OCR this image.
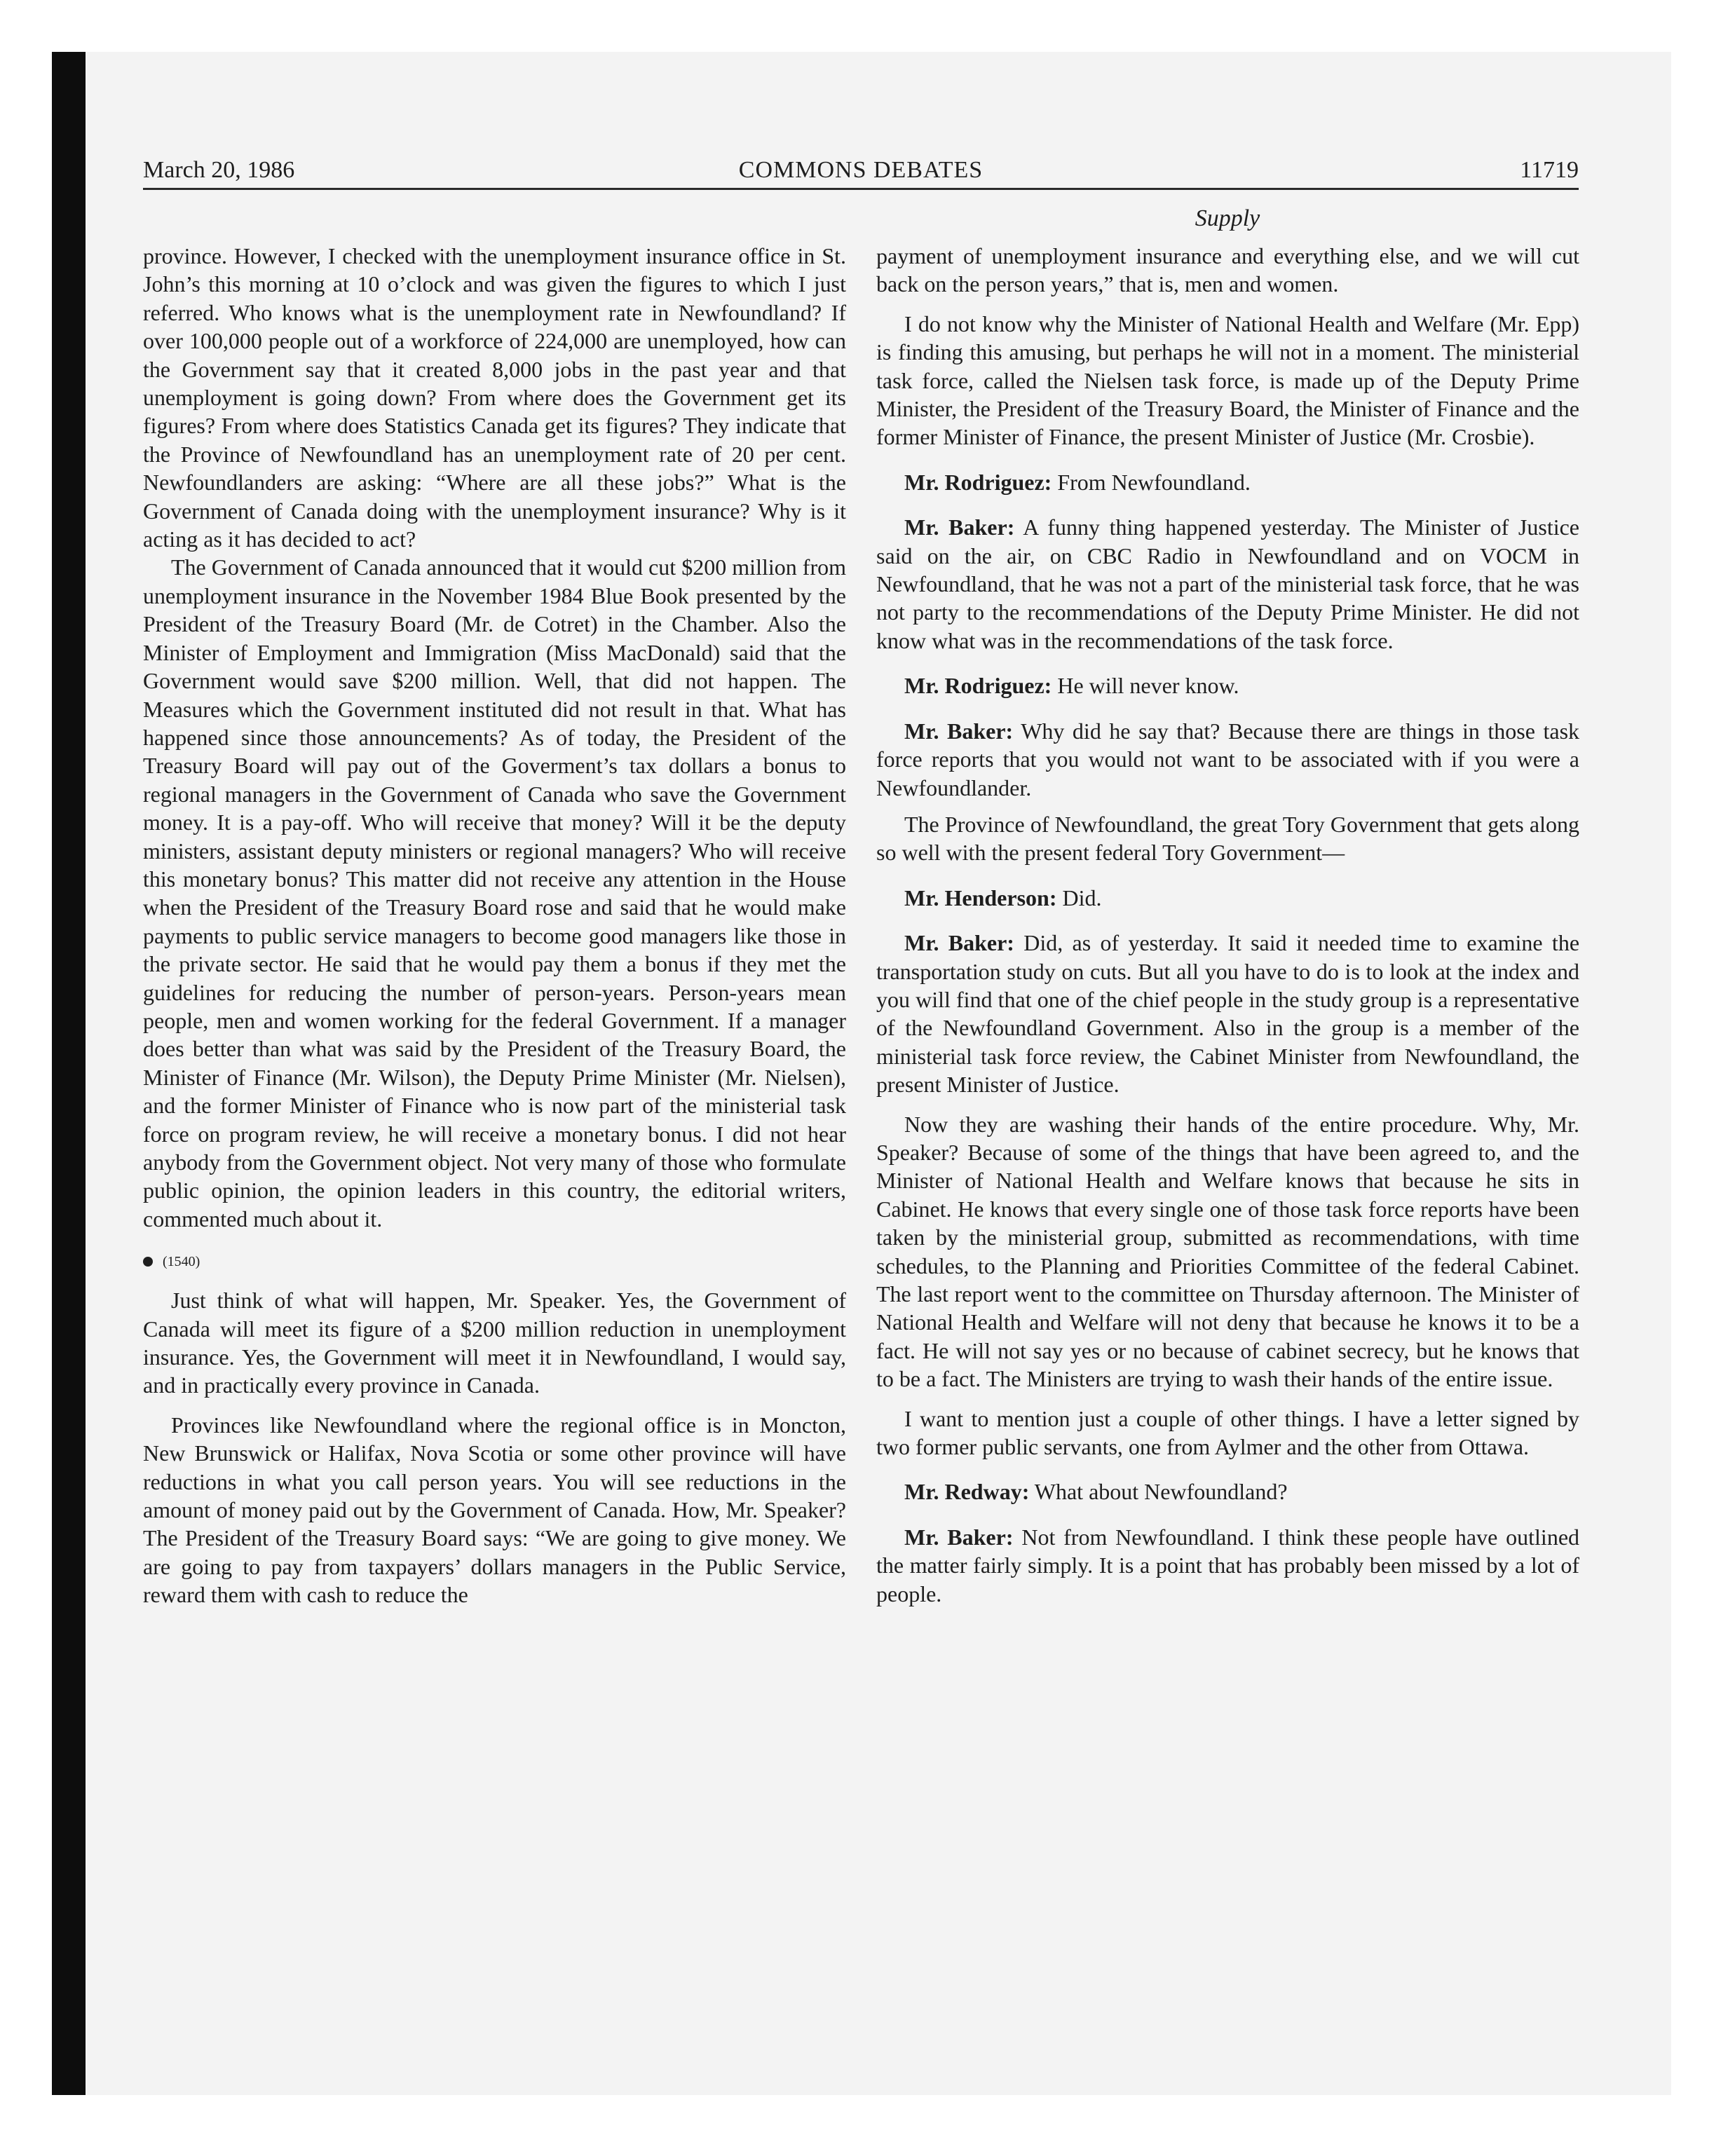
March 20, 1986	COMMONS DEBATES	11719
Supply

province. However, I checked with the unemployment insurance office in St. John’s this morning at 10 o’clock and was given the figures to which I just referred. Who knows what is the unemployment rate in Newfoundland? If over 100,000 people out of a workforce of 224,000 are unemployed, how can the Government say that it created 8,000 jobs in the past year and that unemployment is going down? From where does the Government get its figures? From where does Statistics Canada get its figures? They indicate that the Province of Newfoundland has an unemployment rate of 20 per cent. Newfoundlanders are asking: “Where are all these jobs?” What is the Government of Canada doing with the unemployment insurance? Why is it acting as it has decided to act?

The Government of Canada announced that it would cut $200 million from unemployment insurance in the November 1984 Blue Book presented by the President of the Treasury Board (Mr. de Cotret) in the Chamber. Also the Minister of Employment and Immigration (Miss MacDonald) said that the Government would save $200 million. Well, that did not happen. The Measures which the Government instituted did not result in that. What has happened since those announcements? As of today, the President of the Treasury Board will pay out of the Goverment’s tax dollars a bonus to regional managers in the Government of Canada who save the Government money. It is a pay-off. Who will receive that money? Will it be the deputy ministers, assistant deputy ministers or regional managers? Who will receive this monetary bonus? This matter did not receive any attention in the House when the President of the Treasury Board rose and said that he would make payments to public service managers to become good managers like those in the private sector. He said that he would pay them a bonus if they met the guidelines for reducing the number of person-years. Person-years mean people, men and women working for the federal Government. If a manager does better than what was said by the President of the Treasury Board, the Minister of Finance (Mr. Wilson), the Deputy Prime Minister (Mr. Nielsen), and the former Minister of Finance who is now part of the ministerial task force on program review, he will receive a monetary bonus. I did not hear anybody from the Government object. Not very many of those who formulate public opinion, the opinion leaders in this country, the editorial writers, commented much about it.

(1540)

Just think of what will happen, Mr. Speaker. Yes, the Government of Canada will meet its figure of a $200 million reduction in unemployment insurance. Yes, the Government will meet it in Newfoundland, I would say, and in practically every province in Canada.

Provinces like Newfoundland where the regional office is in Moncton, New Brunswick or Halifax, Nova Scotia or some other province will have reductions in what you call person years. You will see reductions in the amount of money paid out by the Government of Canada. How, Mr. Speaker? The President of the Treasury Board says: “We are going to give money. We are going to pay from taxpayers’ dollars managers in the Public Service, reward them with cash to reduce the

payment of unemployment insurance and everything else, and we will cut back on the person years,” that is, men and women.

I do not know why the Minister of National Health and Welfare (Mr. Epp) is finding this amusing, but perhaps he will not in a moment. The ministerial task force, called the Nielsen task force, is made up of the Deputy Prime Minister, the President of the Treasury Board, the Minister of Finance and the former Minister of Finance, the present Minister of Justice (Mr. Crosbie).

Mr. Rodriguez: From Newfoundland.

Mr. Baker: A funny thing happened yesterday. The Minister of Justice said on the air, on CBC Radio in Newfoundland and on VOCM in Newfoundland, that he was not a part of the ministerial task force, that he was not party to the recommendations of the Deputy Prime Minister. He did not know what was in the recommendations of the task force.

Mr. Rodriguez: He will never know.

Mr. Baker: Why did he say that? Because there are things in those task force reports that you would not want to be associated with if you were a Newfoundlander.

The Province of Newfoundland, the great Tory Government that gets along so well with the present federal Tory Government—

Mr. Henderson: Did.

Mr. Baker: Did, as of yesterday. It said it needed time to examine the transportation study on cuts. But all you have to do is to look at the index and you will find that one of the chief people in the study group is a representative of the Newfoundland Government. Also in the group is a member of the ministerial task force review, the Cabinet Minister from Newfoundland, the present Minister of Justice.

Now they are washing their hands of the entire procedure. Why, Mr. Speaker? Because of some of the things that have been agreed to, and the Minister of National Health and Welfare knows that because he sits in Cabinet. He knows that every single one of those task force reports have been taken by the ministerial group, submitted as recommendations, with time schedules, to the Planning and Priorities Committee of the federal Cabinet. The last report went to the committee on Thursday afternoon. The Minister of National Health and Welfare will not deny that because he knows it to be a fact. He will not say yes or no because of cabinet secrecy, but he knows that to be a fact. The Ministers are trying to wash their hands of the entire issue.

I want to mention just a couple of other things. I have a letter signed by two former public servants, one from Aylmer and the other from Ottawa.

Mr. Redway: What about Newfoundland?

Mr. Baker: Not from Newfoundland. I think these people have outlined the matter fairly simply. It is a point that has probably been missed by a lot of people.
